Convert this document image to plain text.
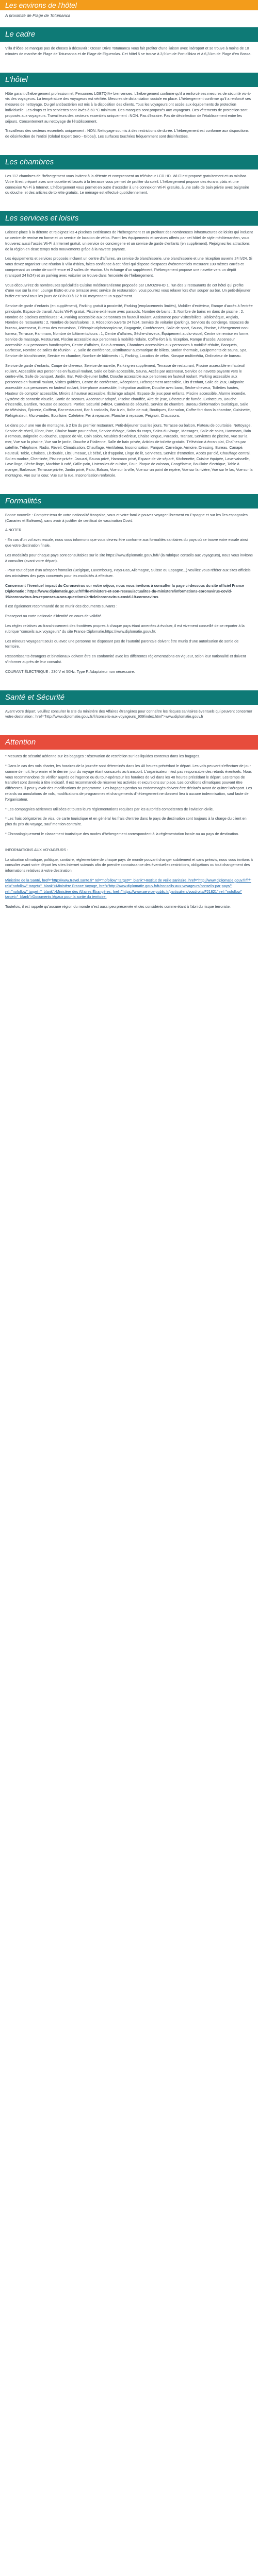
Les environs de l'hôtel
A proximité de Plage de Totumanca
Le cadre

Villa d'ilôse se manque pas de choses à découvrir : Ocean Drive Totumanca vous fait profiter d'une liaison avec l'aéroport et se trouve à moins de 10 minutes de marche de Plage de Totumanca et de Plage de Figuerolas. Cet hôtel 5 se trouve à 3,9 km de Port d'Ibiza et à 6,3 km de Plage d'en Bossa.

L'hôtel

Hôte garant d'hébergement professionnel, Personnes LGBTQIA+ bienvenues. L'hébergement confirme qu'il a renforcé ses mesures de sécurité vis-à-vis des voyageurs. La température des voyageurs est vérifiée. Mesures de distanciation sociale en place. L'hébergement confirme qu'il a renforcé ses mesures de nettoyage. Du gel antibactérien est mis à la disposition des clients. Tous les voyageurs ont accès aux équipements de protection individuelle. Les draps et les serviettes sont lavés à 60 °C minimum. Des masques sont proposés aux voyageurs. Des vêtements de protection sont proposés aux voyageurs. Travailleurs des secteurs essentiels uniquement : NON. Pas d'horaire. Pas de désinfection de l'établissement entre les séjours. Consentement au nettoyage de l'établissement.

Travailleurs des secteurs essentiels uniquement : NON. Nettoyage soumis à des restrictions de durée. L'hébergement est conforme aux dispositions de désinfection de l'entité (Global Expert Sero - Global), Les surfaces touchées fréquemment sont désinfectées.

Les chambres

Les 117 chambres de l'hébergement vous invitent à la détente et comprennent un téléviseur LCD HD. Wi-Fi est proposé gratuitement et un minibar. Votre lit est préparé avec une couette et l'accès à la terrasse vous permet de profiter du soleil. L'hébergement propose des écrans plats et une connexion Wi-Fi à Internet. L'hébergement vous permet en outre d'accéder à une connexion Wi-Fi gratuite, à une salle de bain privée avec baignoire ou douche, et des articles de toilette gratuits. Le ménage est effectué quotidiennement.

Les services et loisirs

Laissez-place à la détente et rejoignez les 4 piscines extérieures de l'hébergement et un profitant des nombreuses infrastructures de loisirs qui incluent un centre de remise en forme et un service de location de vélos. Parmi les équipements et services offerts par cet hôtel de style méditerranéen, vous trouverez aussi l'accès Wi-Fi à Internet gratuit, un service de conciergerie et un service de garde d'enfants (en supplément). Rejoignez les attractions de la région en deux temps trois mouvements grâce à la navette payante.

Les équipements et services proposés incluent un centre d'affaires, un service de blanchisserie, une blanchisserie et une réception ouverte 24 h/24. Si vous devez organiser une réunion à Villa d'Ibiza, faites confiance à cet hôtel qui dispose d'espaces événementiels mesurant 100 mètres carrés et comprenant un centre de conférence et 2 salles de réunion. Un échange d'un supplément, l'hébergement propose une navette vers un dépôt (transport 24 h/24) et un parking avec voiturier se trouve dans l'enceinte de l'hébergement.

Vous découvrirez de nombreuses spécialités Cuisine méditerranéenne proposée par LIMOZINHO 1, l'un des 2 restaurants de cet hôtel qui profite d'une vue sur la mer. Lounge Bistro et une terrasse avec service de restauration, vous pourrez vous relaxer lors d'un souper au bar. Un petit-déjeuner buffet est servi tous les jours de 08 h 00 à 12 h 00 moyennant un supplément.

Service de garde d'enfants (en supplément), Parking gratuit à proximité, Parking (emplacements limités), Mobilier d'extérieur, Rampe d'accès à l'entrée principale, Espace de travail, Accès Wi-Fi gratuit, Piscine extérieure avec parasols, Nombre de bains : 3, Nombre de bains en dans de piscine : 2, Nombre de piscines extérieures : 4, Parking accessible aux personnes en fauteuil roulant, Assistance pour visites/billets, Bibliothèque, Anglais, Nombre de restaurants : 2, Nombre de bars/salons : 3, Réception ouverte 24 h/24, Service de voiturier (parking), Services du concierge, Espaces de bureau, Ascenseur, Bureau des excursions, Télécopieur/photocopieuse, Bagagerie, Conférences, Salle de sport, Sauna, Piscine, Hébergement non-fumeur, Terrasse, Hammam, Nombre de bâtiments/tours : 1, Centre d'affaires, Sèche-cheveux, Équipement audio-visuel, Centre de remise en forme, Service de massage, Restaurant, Piscine accessible aux personnes à mobilité réduite, Coffre-fort à la réception, Rampe d'accès, Ascenseur accessible aux personnes handicapées, Centre d'affaires, Bain à remous, Chambres accessibles aux personnes à mobilité réduite, Banquets, Barbecue, Nombre de salles de réunion : 2, Salle de conférence, Distributeur automatique de billets, Station thermale, Équipements de sauna, Spa, Service de blanchisserie, Service en chambre, Nombre de bâtiments : 1, Parking, Location de vélos, Kiosque multimédia, Ordinateur de bureau.

Service de garde d'enfants, Coupe de cheveux, Service de navette, Parking en supplément, Terrasse de restaurant, Piscine accessible en fauteuil roulant, Accessible aux personnes en fauteuil roulant, Salle de bain accessible, Sauna, Accès par ascenseur, Service de navette payante vers le centre-ville, Salle de banquet, Jardin, Bar, Petit-déjeuner buffet, Douche accessible aux personnes en fauteuil roulant, Parking accessible aux personnes en fauteuil roulant, Visites guidées, Centre de conférence, Réceptions, Hébergement accessible, Lits d'enfant, Salle de jeux, Baignoire accessible aux personnes en fauteuil roulant, Interphone accessible, Intégration auditive, Douche avec banc, Sèche-cheveux, Toilettes hautes, Hauteur de comptoir accessible, Miroirs à hauteur accessible, Éclairage adapté, Espace de jeux pour enfants, Piscine accessible, Alarme incendie, Système de sonnerie visuelle, Sortie de secours, Ascenseur adapté, Piscine chauffée, Aire de jeux, Détecteur de fumée, Extincteurs, Bouche d'incendie, Gardien, Trousse de secours, Portier, Sécurité 24h/24, Caméras de sécurité, Service de chambre, Bureau d'information touristique, Salle de télévision, Épicerie, Coiffeur, Bar-restaurant, Bar à cocktails, Bar à vin, Boîte de nuit, Boutiques, Bar-salon, Coffre-fort dans la chambre, Cuisinette, Réfrigérateur, Micro-ondes, Bouilloire, Cafetière, Fer à repasser, Planche à repasser, Peignoir, Chaussons.

Le dans pour une vue de montagne, à 2 km du premier restaurant, Petit-déjeuner tous les jours, Terrasse ou balcon, Plateau de courtoisie, Nettoyage, Service de réveil, Dîner, Parc, Chaise haute pour enfant, Service d'étage, Soins du corps, Soins du visage, Massages, Salle de soins, Hammam, Bain à remous, Baignoire ou douche, Espace de vie, Coin salon, Meubles d'extérieur, Chaise longue, Parasols, Transat, Serviettes de piscine, Vue sur la mer, Vue sur la piscine, Vue sur le jardin, Douche à l'italienne, Salle de bain privée, Articles de toilette gratuits, Télévision à écran plat, Chaînes par satellite, Téléphone, Radio, Réveil, Climatisation, Chauffage, Ventilateur, Insonorisation, Parquet, Carrelage, Armoire, Dressing, Bureau, Canapé, Fauteuil, Table, Chaises, Lit double, Lits jumeaux, Lit bébé, Lit d'appoint, Linge de lit, Serviettes, Service d'entretien, Accès par clé, Chauffage central, Sol en marbre, Cheminée, Piscine privée, Jacuzzi, Sauna privé, Hammam privé, Espace de vie séparé, Kitchenette, Cuisine équipée, Lave-vaisselle, Lave-linge, Sèche-linge, Machine à café, Grille-pain, Ustensiles de cuisine, Four, Plaque de cuisson, Congélateur, Bouilloire électrique, Table à manger, Barbecue, Terrasse privée, Jardin privé, Patio, Balcon, Vue sur la ville, Vue sur un point de repère, Vue sur la rivière, Vue sur le lac, Vue sur la montagne, Vue sur la cour, Vue sur la rue, Insonorisation renforcée.

Formalités

Bonne nouvelle : Comptez tenu de votre nationalité française, vous et votre famille pouvez voyager librement en Espagne et sur les îles espagnoles (Canaries et Baléares), sans avoir à justifier de certificat de vaccination Covid.

A NOTER

- En cas d'un vol avec escale, nous vous informons que vous devrez être conforme aux formalités sanitaires du pays où se trouve votre escale ainsi que votre destination finale.

Les modalités pour chaque pays sont consultables sur le site https://www.diplomatie.gouv.fr/fr/ (la rubrique conseils aux voyageurs), nous vous invitons à consulter (avant votre départ).

- Pour tout départ d'un aéroport frontalier (Belgique, Luxembourg, Pays-Bas, Allemagne, Suisse ou Espagne...) veuillez vous référer aux sites officiels des ministères des pays concernés pour les modalités à effectuer.

Concernant l'éventuel impact du Coronavirus sur votre séjour, nous vous invitons à consulter la page ci-dessous du site officiel France Diplomatie : https://www.diplomatie.gouv.fr/fr/le-ministere-et-son-reseau/actualites-du-ministere/informations-coronavirus-covid-19/coronavirus-les-reponses-a-vos-questions/article/coronavirus-covid-19-coronavirus

Il est également recommandé de se munir des documents suivants :

Passeport ou carte nationale d'identité en cours de validité.

Les règles relatives au franchissement des frontières propres à chaque pays étant amenées à évoluer, il est vivement conseillé de se reporter à la rubrique "conseils aux voyageurs" du site France Diplomatie.https://www.diplomatie.gouv.fr/.

Les mineurs voyageant seuls ou avec une personne ne disposant pas de l'autorité parentale doivent être munis d'une autorisation de sortie de territoire.

Ressortissants étrangers et binationaux doivent être en conformité avec les différentes réglementations en vigueur, selon leur nationalité et doivent s'informer auprès de leur consulat.

COURANT ÉLECTRIQUE : 230 V et 50Hz. Type F. Adaptateur non nécessaire.

Santé et Sécurité

Avant votre départ, veuillez consulter le site du ministère des Affaires étrangères pour connaître les risques sanitaires éventuels qui peuvent concerner votre destination : href="http://www.diplomatie.gouv.fr/fr/conseils-aux-voyageurs_909/index.html">www.diplomatie.gouv.fr

Attention

* Mesures de sécurité aérienne sur les bagages : réservation de restriction sur les liquides contenus dans les bagages.

* Dans le cas des vols charter, les horaires de la journée sont déterminés dans les 48 heures précédant le départ. Les vols peuvent s'effectuer de jour comme de nuit, le premier et le dernier jour du voyage étant consacrés au transport. L'organisateur n'est pas responsable des retards éventuels. Nous vous recommandons de vérifier auprès de l'agence ou du tour-opérateur les horaires de vol dans les 48 heures précédant le départ. Les temps de transfert sont donnés à titre indicatif. Il est recommandé de réserver les activités et excursions sur place. Les conditions climatiques pouvant être différentes, il peut y avoir des modifications de programme. Les bagages perdus ou endommagés doivent être déclarés avant de quitter l'aéroport. Les retards ou annulations de vols, modifications de programmes et changements d'hébergement ne donnent lieu à aucune indemnisation, sauf faute de l'organisateur.

* Les compagnies aériennes utilisées et toutes leurs réglementations requises par les autorités compétentes de l'aviation civile.

* Les frais obligatoires de visa, de carte touristique et en général les frais d'entrée dans le pays de destination sont toujours à la charge du client en plus du prix du voyage, sauf mention contraire.

* Chronologiquement le classement touristique des modes d'hébergement correspondent à la réglementation locale ou au pays de destination.

INFORMATIONS AUX VOYAGEURS :

La situation climatique, politique, sanitaire, réglementaire de chaque pays de monde pouvant changer subitement et sans préavis, nous vous invitons à consulter avant votre départ les sites Internet suivants afin de prendre connaissance des éventuelles restrictions, obligations ou tout changement des informations relatives à votre destination.

Ministère de la Santé, href="http://www.travel.sante.fr" rel="nofollow" target="_blank">Institut de veille sanitaire, href="http://www.diplomatie.gouv.fr/fr/" rel="nofollow" target="_blank">Ministère France Voyage, href="http://www.diplomatie.gouv.fr/fr/conseils-aux-voyageurs/conseils-par-pays/" rel="nofollow" target="_blank">Ministère des Affaires Étrangères, href="https://www.service-public.fr/particuliers/vosdroits/F21821" rel="nofollow" target="_blank">Documents légaux pour la sortie du territoire.

Toutefois, il est rappelé qu'aucune région du monde n'est aussi peu préservée et des considérés comme étant à l'abri du risque terroriste.
